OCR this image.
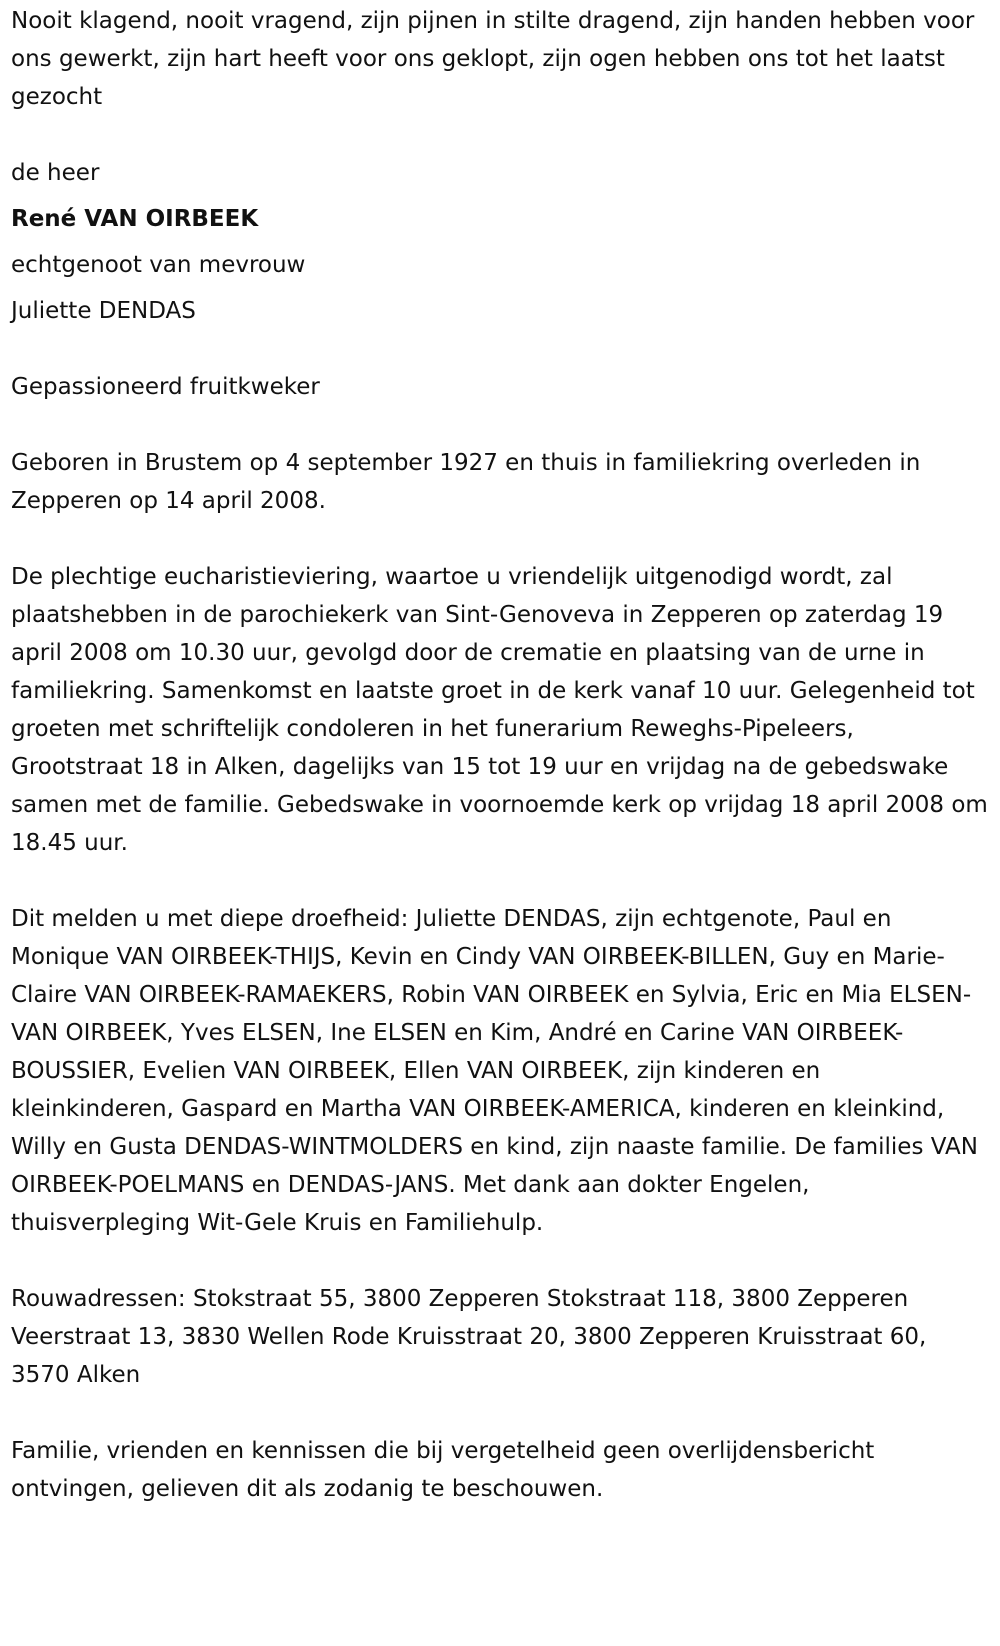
Nooit klagend, nooit vragend, zijn pijnen in stilte dragend, zijn handen hebben voor ons gewerkt, zijn hart heeft voor ons geklopt, zijn ogen hebben ons tot het laatst gezocht

de heer

René VAN OIRBEEK

echtgenoot van mevrouw

Juliette DENDAS

Gepassioneerd fruitkweker

Geboren in Brustem op 4 september 1927 en thuis in familiekring overleden in Zepperen op 14 april 2008.

De plechtige eucharistieviering, waartoe u vriendelijk uitgenodigd wordt, zal plaatshebben in de parochiekerk van Sint-Genoveva in Zepperen op zaterdag 19 april 2008 om 10.30 uur, gevolgd door de crematie en plaatsing van de urne in familiekring. Samenkomst en laatste groet in de kerk vanaf 10 uur. Gelegenheid tot groeten met schriftelijk condoleren in het funerarium Reweghs-Pipeleers, Grootstraat 18 in Alken, dagelijks van 15 tot 19 uur en vrijdag na de gebedswake samen met de familie. Gebedswake in voornoemde kerk op vrijdag 18 april 2008 om 18.45 uur.

Dit melden u met diepe droefheid: Juliette DENDAS, zijn echtgenote, Paul en Monique VAN OIRBEEK-THIJS, Kevin en Cindy VAN OIRBEEK-BILLEN, Guy en Marie-Claire VAN OIRBEEK-RAMAEKERS, Robin VAN OIRBEEK en Sylvia, Eric en Mia ELSEN-VAN OIRBEEK, Yves ELSEN, Ine ELSEN en Kim, André en Carine VAN OIRBEEK-BOUSSIER, Evelien VAN OIRBEEK, Ellen VAN OIRBEEK, zijn kinderen en kleinkinderen, Gaspard en Martha VAN OIRBEEK-AMERICA, kinderen en kleinkind, Willy en Gusta DENDAS-WINTMOLDERS en kind, zijn naaste familie. De families VAN OIRBEEK-POELMANS en DENDAS-JANS. Met dank aan dokter Engelen, thuisverpleging Wit-Gele Kruis en Familiehulp.

Rouwadressen: Stokstraat 55, 3800 Zepperen Stokstraat 118, 3800 Zepperen Veerstraat 13, 3830 Wellen Rode Kruisstraat 20, 3800 Zepperen Kruisstraat 60, 3570 Alken

Familie, vrienden en kennissen die bij vergetelheid geen overlijdensbericht ontvingen, gelieven dit als zodanig te beschouwen.
